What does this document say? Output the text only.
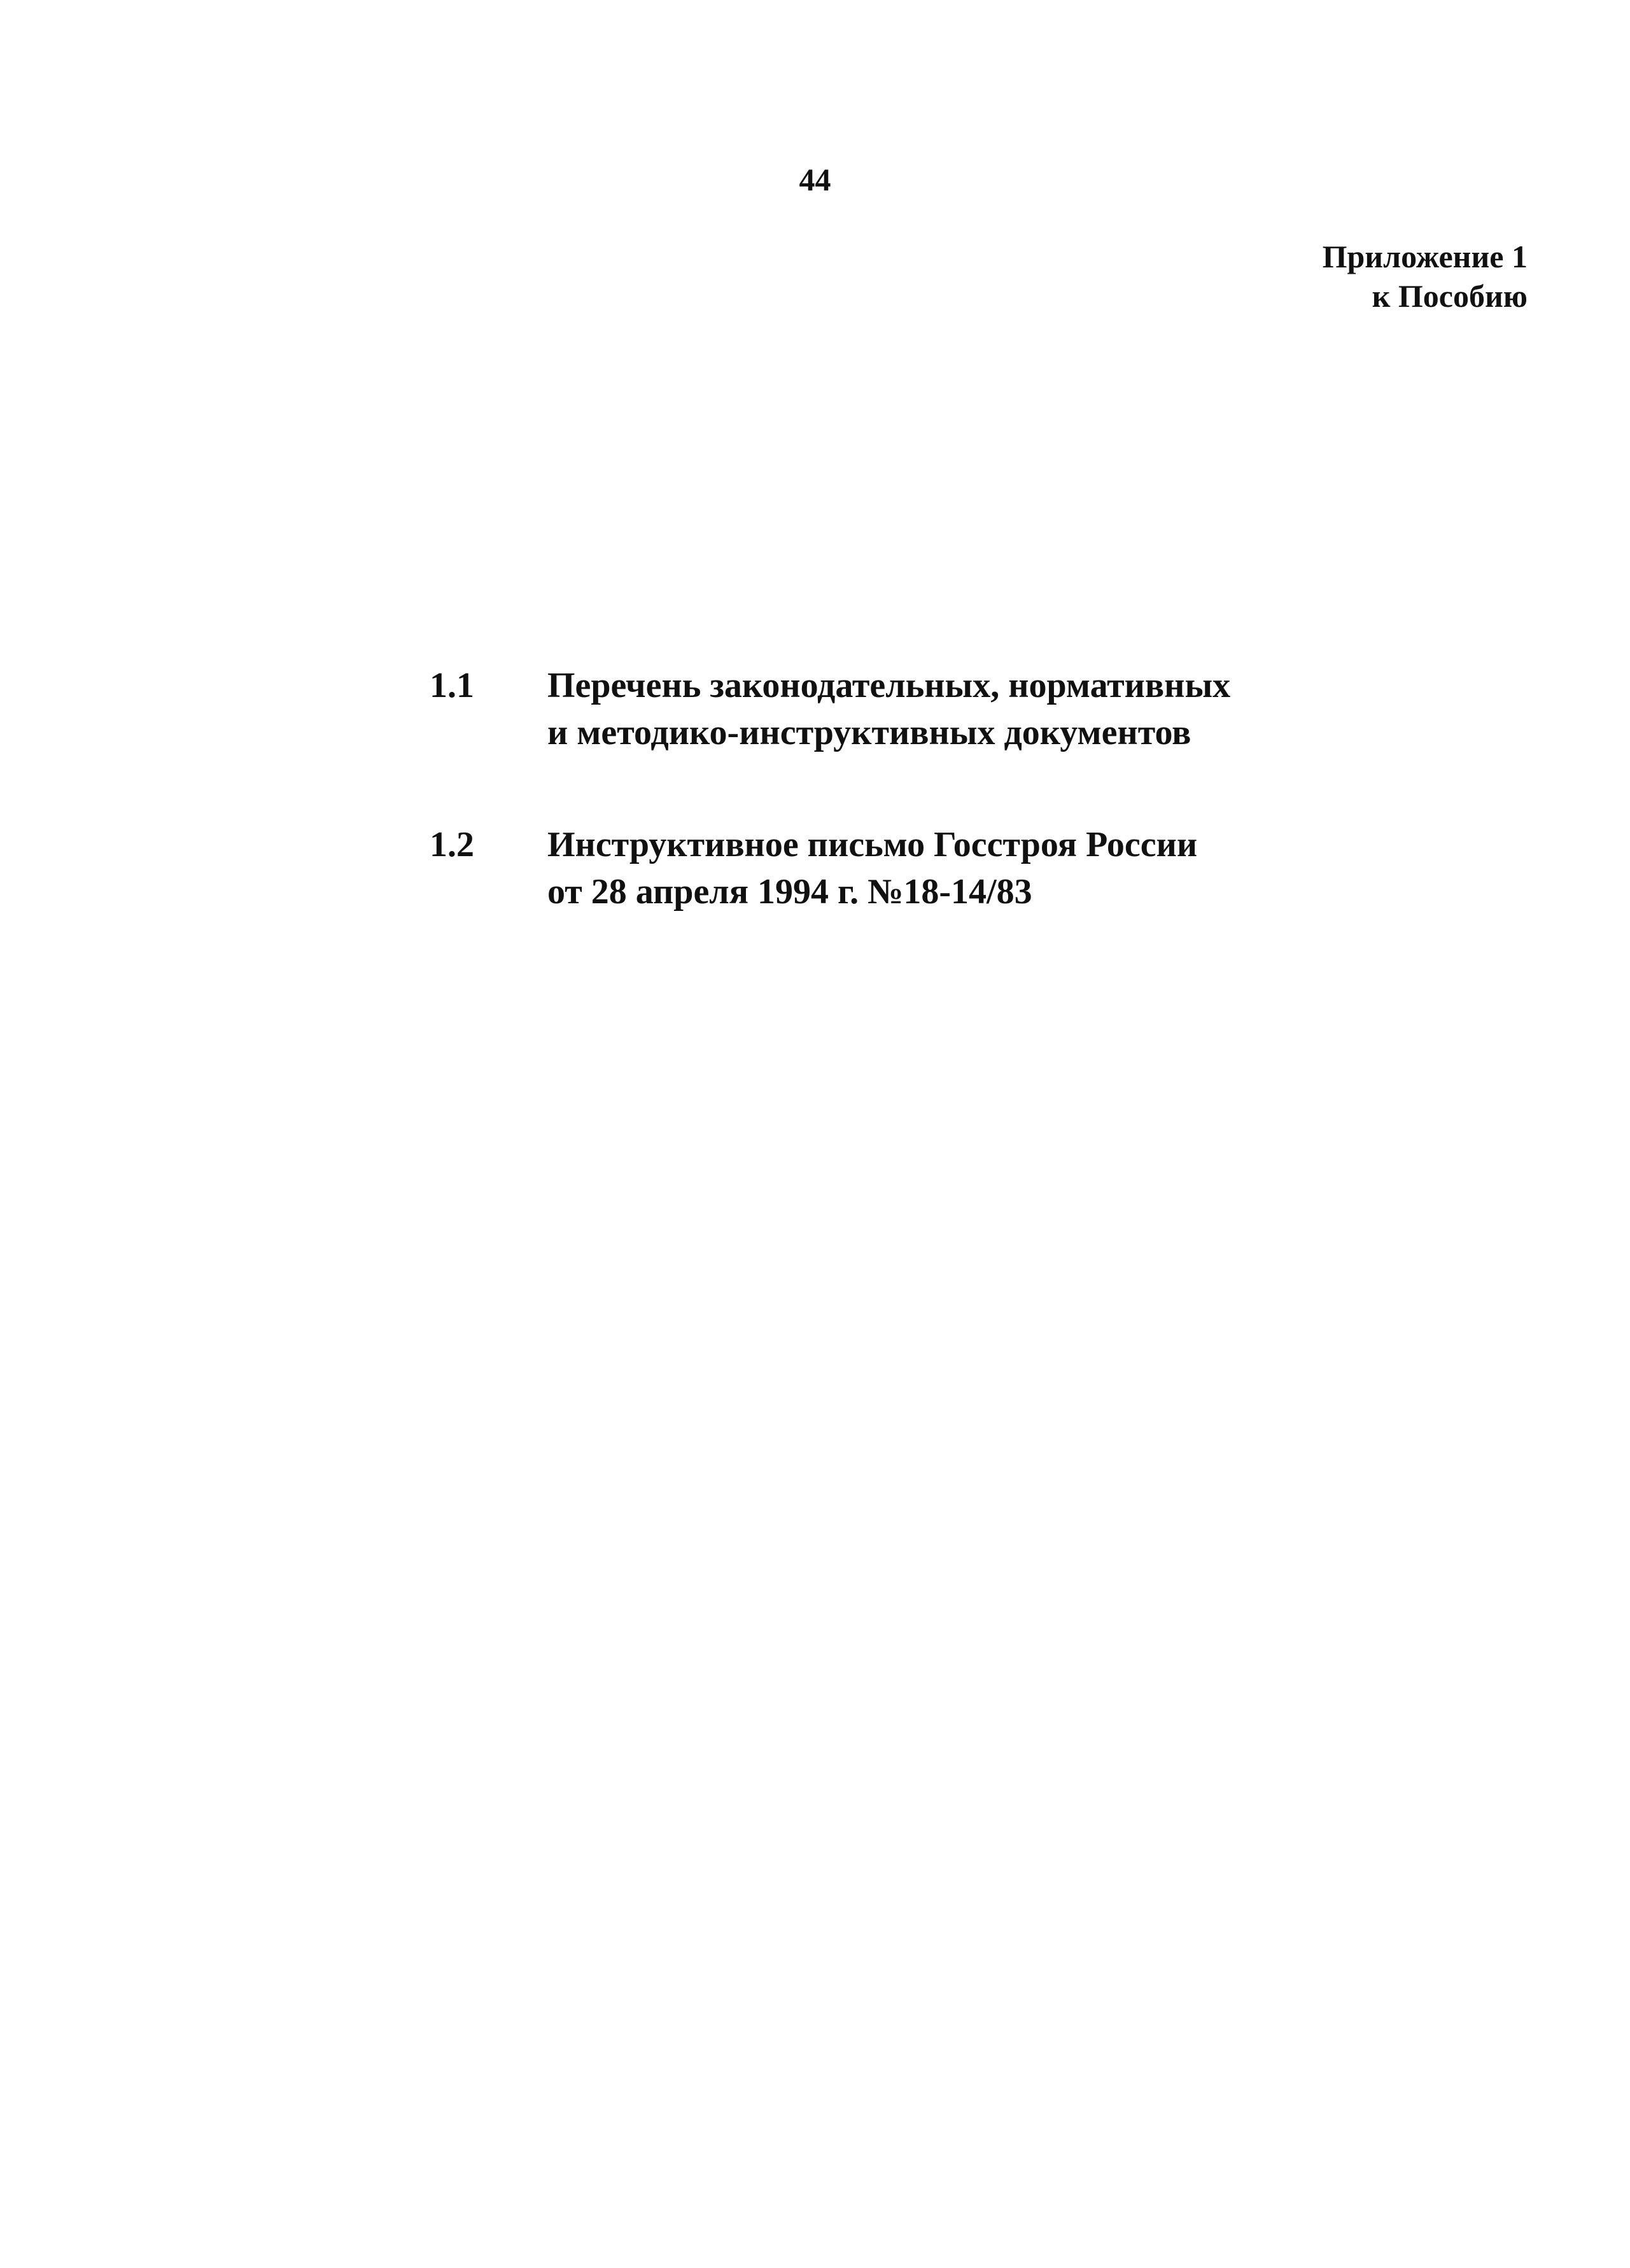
44
Приложение 1
к Пособию
1.1	Перечень законодательных, нормативных
и методико-инструктивных документов
1.2	Инструктивное письмо Госстроя России
от 28 апреля 1994 г. №18-14/83
